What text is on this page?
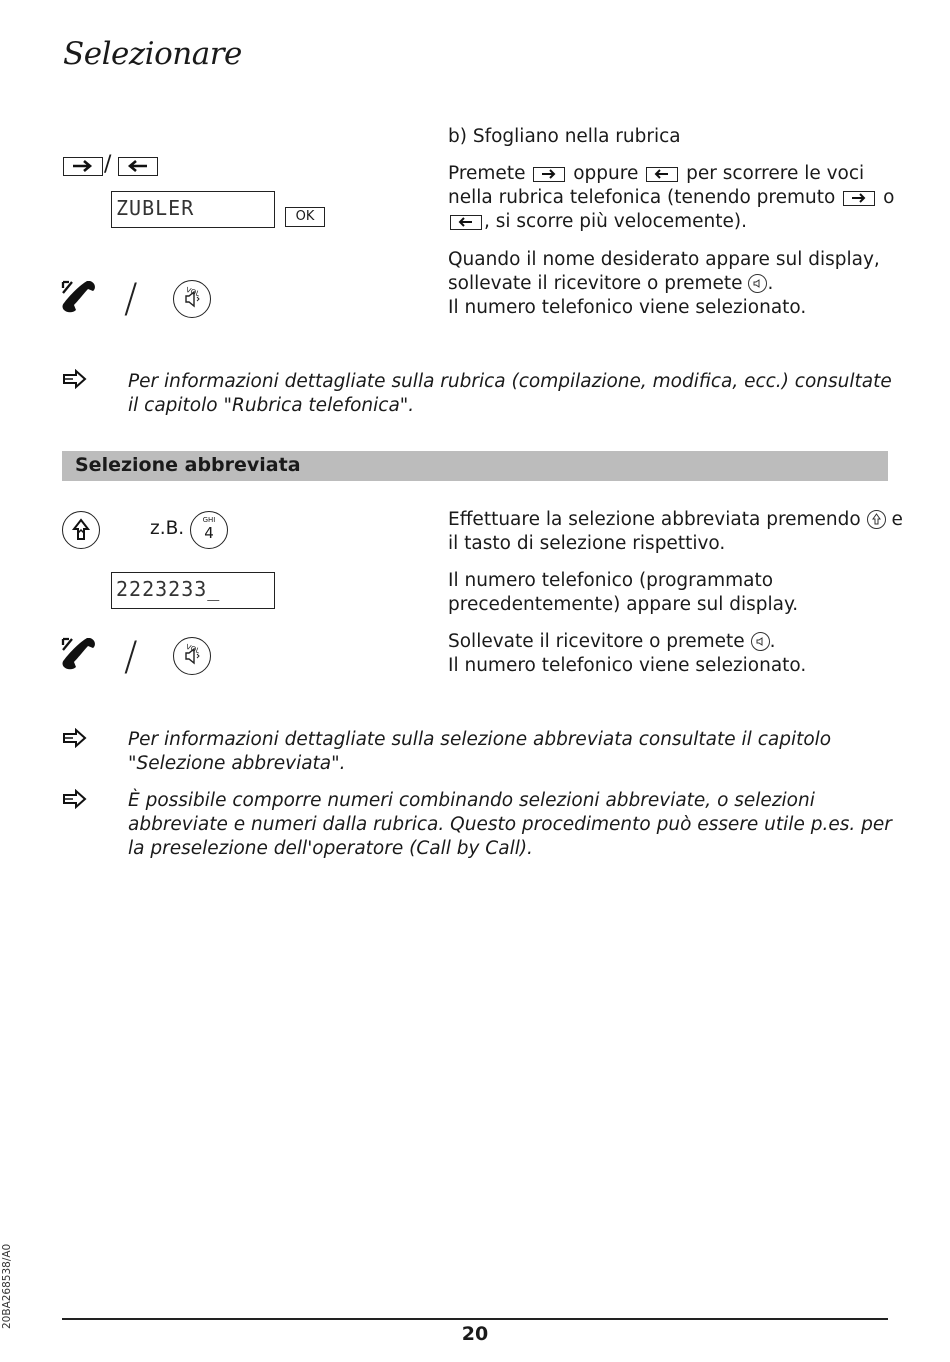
Selezionare
/
ZUBLER	OK
/	VOL
b) Sfogliano nella rubrica
Premete	oppure	per scorrere le voci nella rubrica telefonica (tenendo premuto	o
, si scorre più velocemente).
Quando il nome desiderato appare sul display, sollevate il ricevitore o premete .
Il numero telefonico viene selezionato.
Per informazioni dettagliate sulla rubrica (compilazione, modifica, ecc.) consultate il capitolo "Rubrica telefonica".
Selezione abbreviata
z.B.	GHI
4
2223233_
/	VOL
Effettuare la selezione abbreviata premendo e il tasto di selezione rispettivo.
Il numero telefonico (programmato precedentemente) appare sul display.
Sollevate il ricevitore o premete .
Il numero telefonico viene selezionato.
Per informazioni dettagliate sulla selezione abbreviata consultate il capitolo "Selezione abbreviata".
È possibile comporre numeri combinando selezioni abbreviate, o selezioni abbreviate e numeri dalla rubrica. Questo procedimento può essere utile p.es. per la preselezione dell'operatore (Call by Call).
20BA268538/A0
20
